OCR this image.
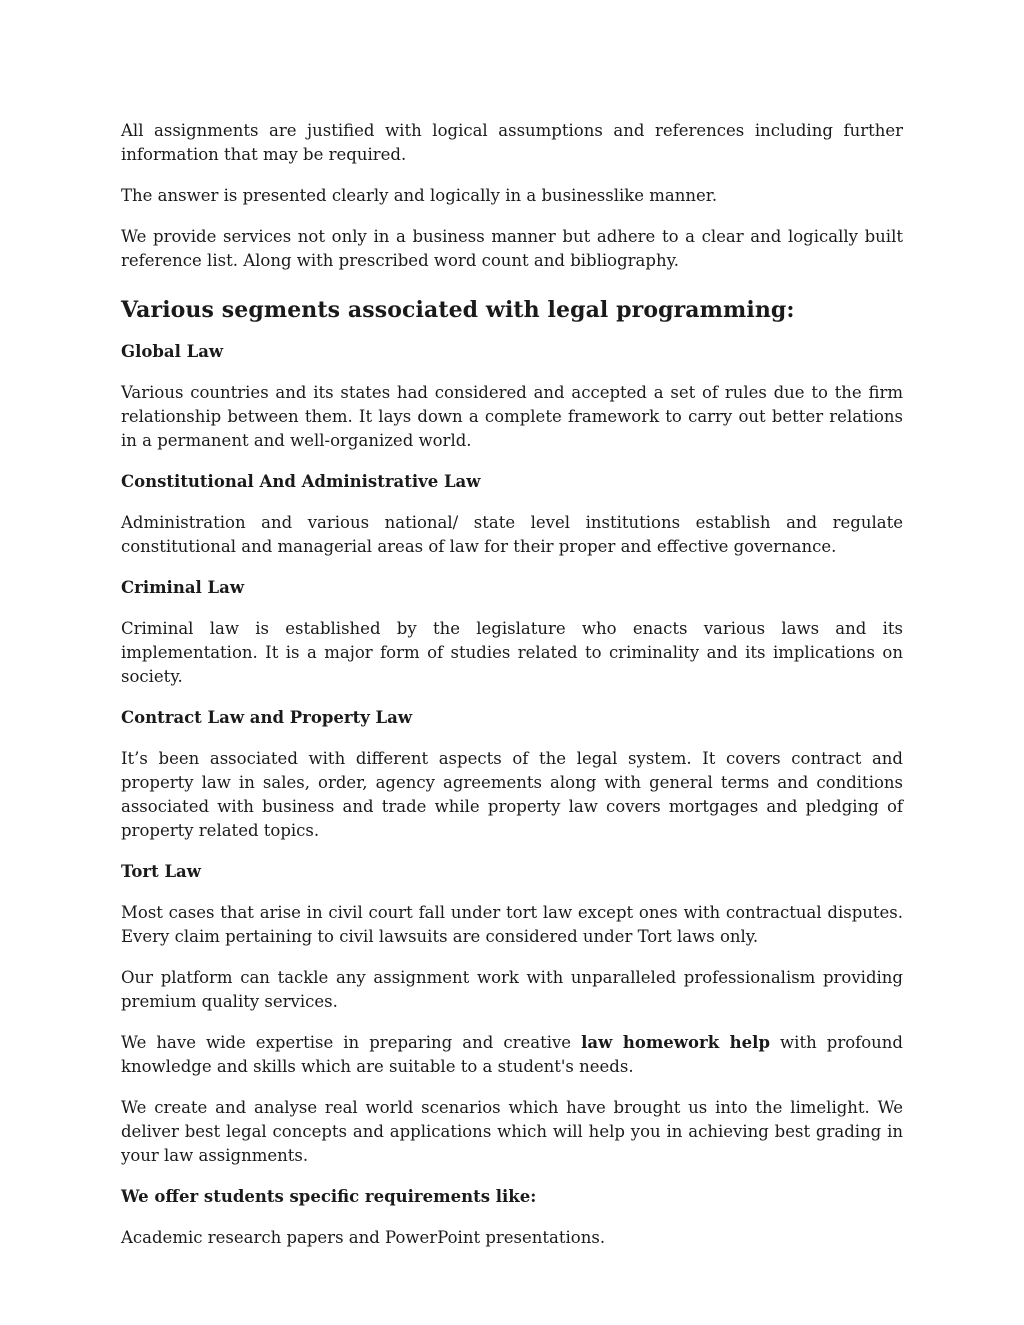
All assignments are justified with logical assumptions and references including further information that may be required.

The answer is presented clearly and logically in a businesslike manner.

We provide services not only in a business manner but adhere to a clear and logically built reference list. Along with prescribed word count and bibliography.

Various segments associated with legal programming:
Global Law

Various countries and its states had considered and accepted a set of rules due to the firm relationship between them. It lays down a complete framework to carry out better relations in a permanent and well-organized world.

Constitutional And Administrative Law

Administration and various national/ state level institutions establish and regulate constitutional and managerial areas of law for their proper and effective governance.

Criminal Law

Criminal law is established by the legislature who enacts various laws and its implementation. It is a major form of studies related to criminality and its implications on society.

Contract Law and Property Law

It’s been associated with different aspects of the legal system. It covers contract and property law in sales, order, agency agreements along with general terms and conditions associated with business and trade while property law covers mortgages and pledging of property related topics.

Tort Law

Most cases that arise in civil court fall under tort law except ones with contractual disputes. Every claim pertaining to civil lawsuits are considered under Tort laws only.

Our platform can tackle any assignment work with unparalleled professionalism providing premium quality services.

We have wide expertise in preparing and creative law homework help with profound knowledge and skills which are suitable to a student's needs.

We create and analyse real world scenarios which have brought us into the limelight. We deliver best legal concepts and applications which will help you in achieving best grading in your law assignments.

We offer students specific requirements like:

Academic research papers and PowerPoint presentations.
